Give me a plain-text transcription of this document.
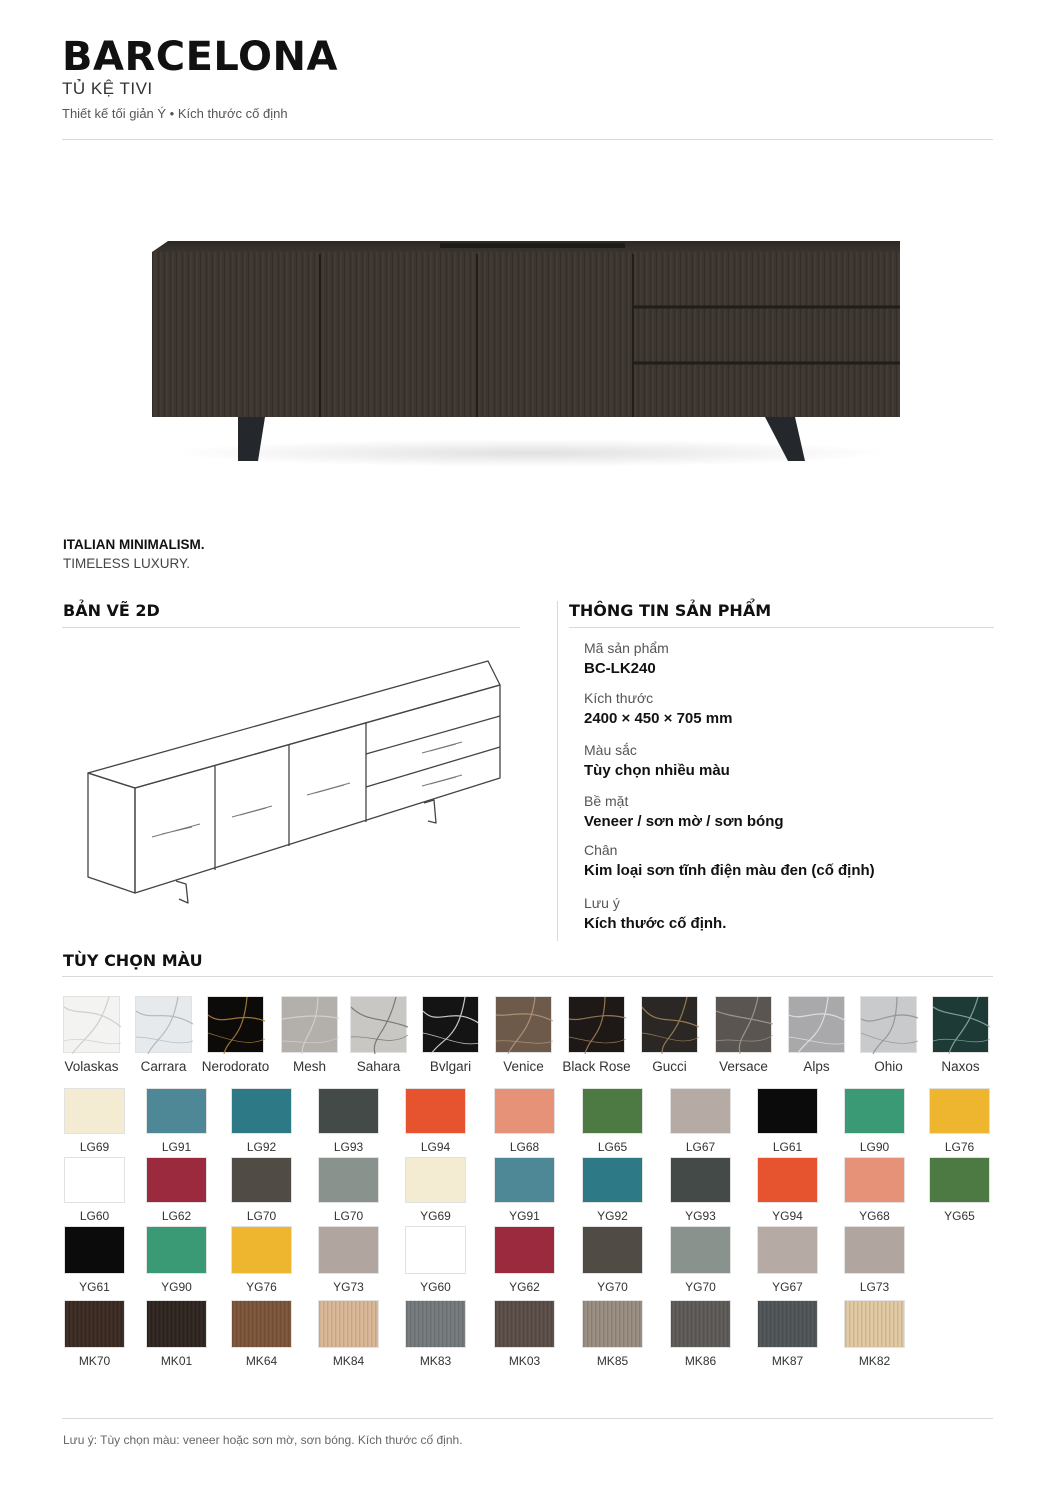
BARCELONA
TỦ KỆ TIVI
Thiết kế tối giản Ý • Kích thước cố định
ITALIAN MINIMALISM.
TIMELESS LUXURY.
BẢN VẼ 2D	THÔNG TIN SẢN PHẨM
Mã sản phẩm
BC-LK240
Kích thước
2400 × 450 × 705 mm
Màu sắc
Tùy chọn nhiều màu
Bề mặt
Veneer / sơn mờ / sơn bóng
Chân
Kim loại sơn tĩnh điện màu đen (cố định)
Lưu ý
Kích thước cố định.
TÙY CHỌN MÀU
Volaskas	Carrara	Nerodorato	Mesh	Sahara	Bvlgari	Venice	Black Rose	Gucci	Versace	Alps	Ohio	Naxos
LG69	LG91	LG92	LG93	LG94	LG68	LG65	LG67	LG61	LG90	LG76
LG60	LG62	LG70	LG70	YG69	YG91	YG92	YG93	YG94	YG68	YG65
YG61	YG90	YG76	YG73	YG60	YG62	YG70	YG70	YG67	LG73
MK70	MK01	MK64	MK84	MK83	MK03	MK85	MK86	MK87	MK82
Lưu ý: Tùy chọn màu: veneer hoặc sơn mờ, sơn bóng. Kích thước cố định.
